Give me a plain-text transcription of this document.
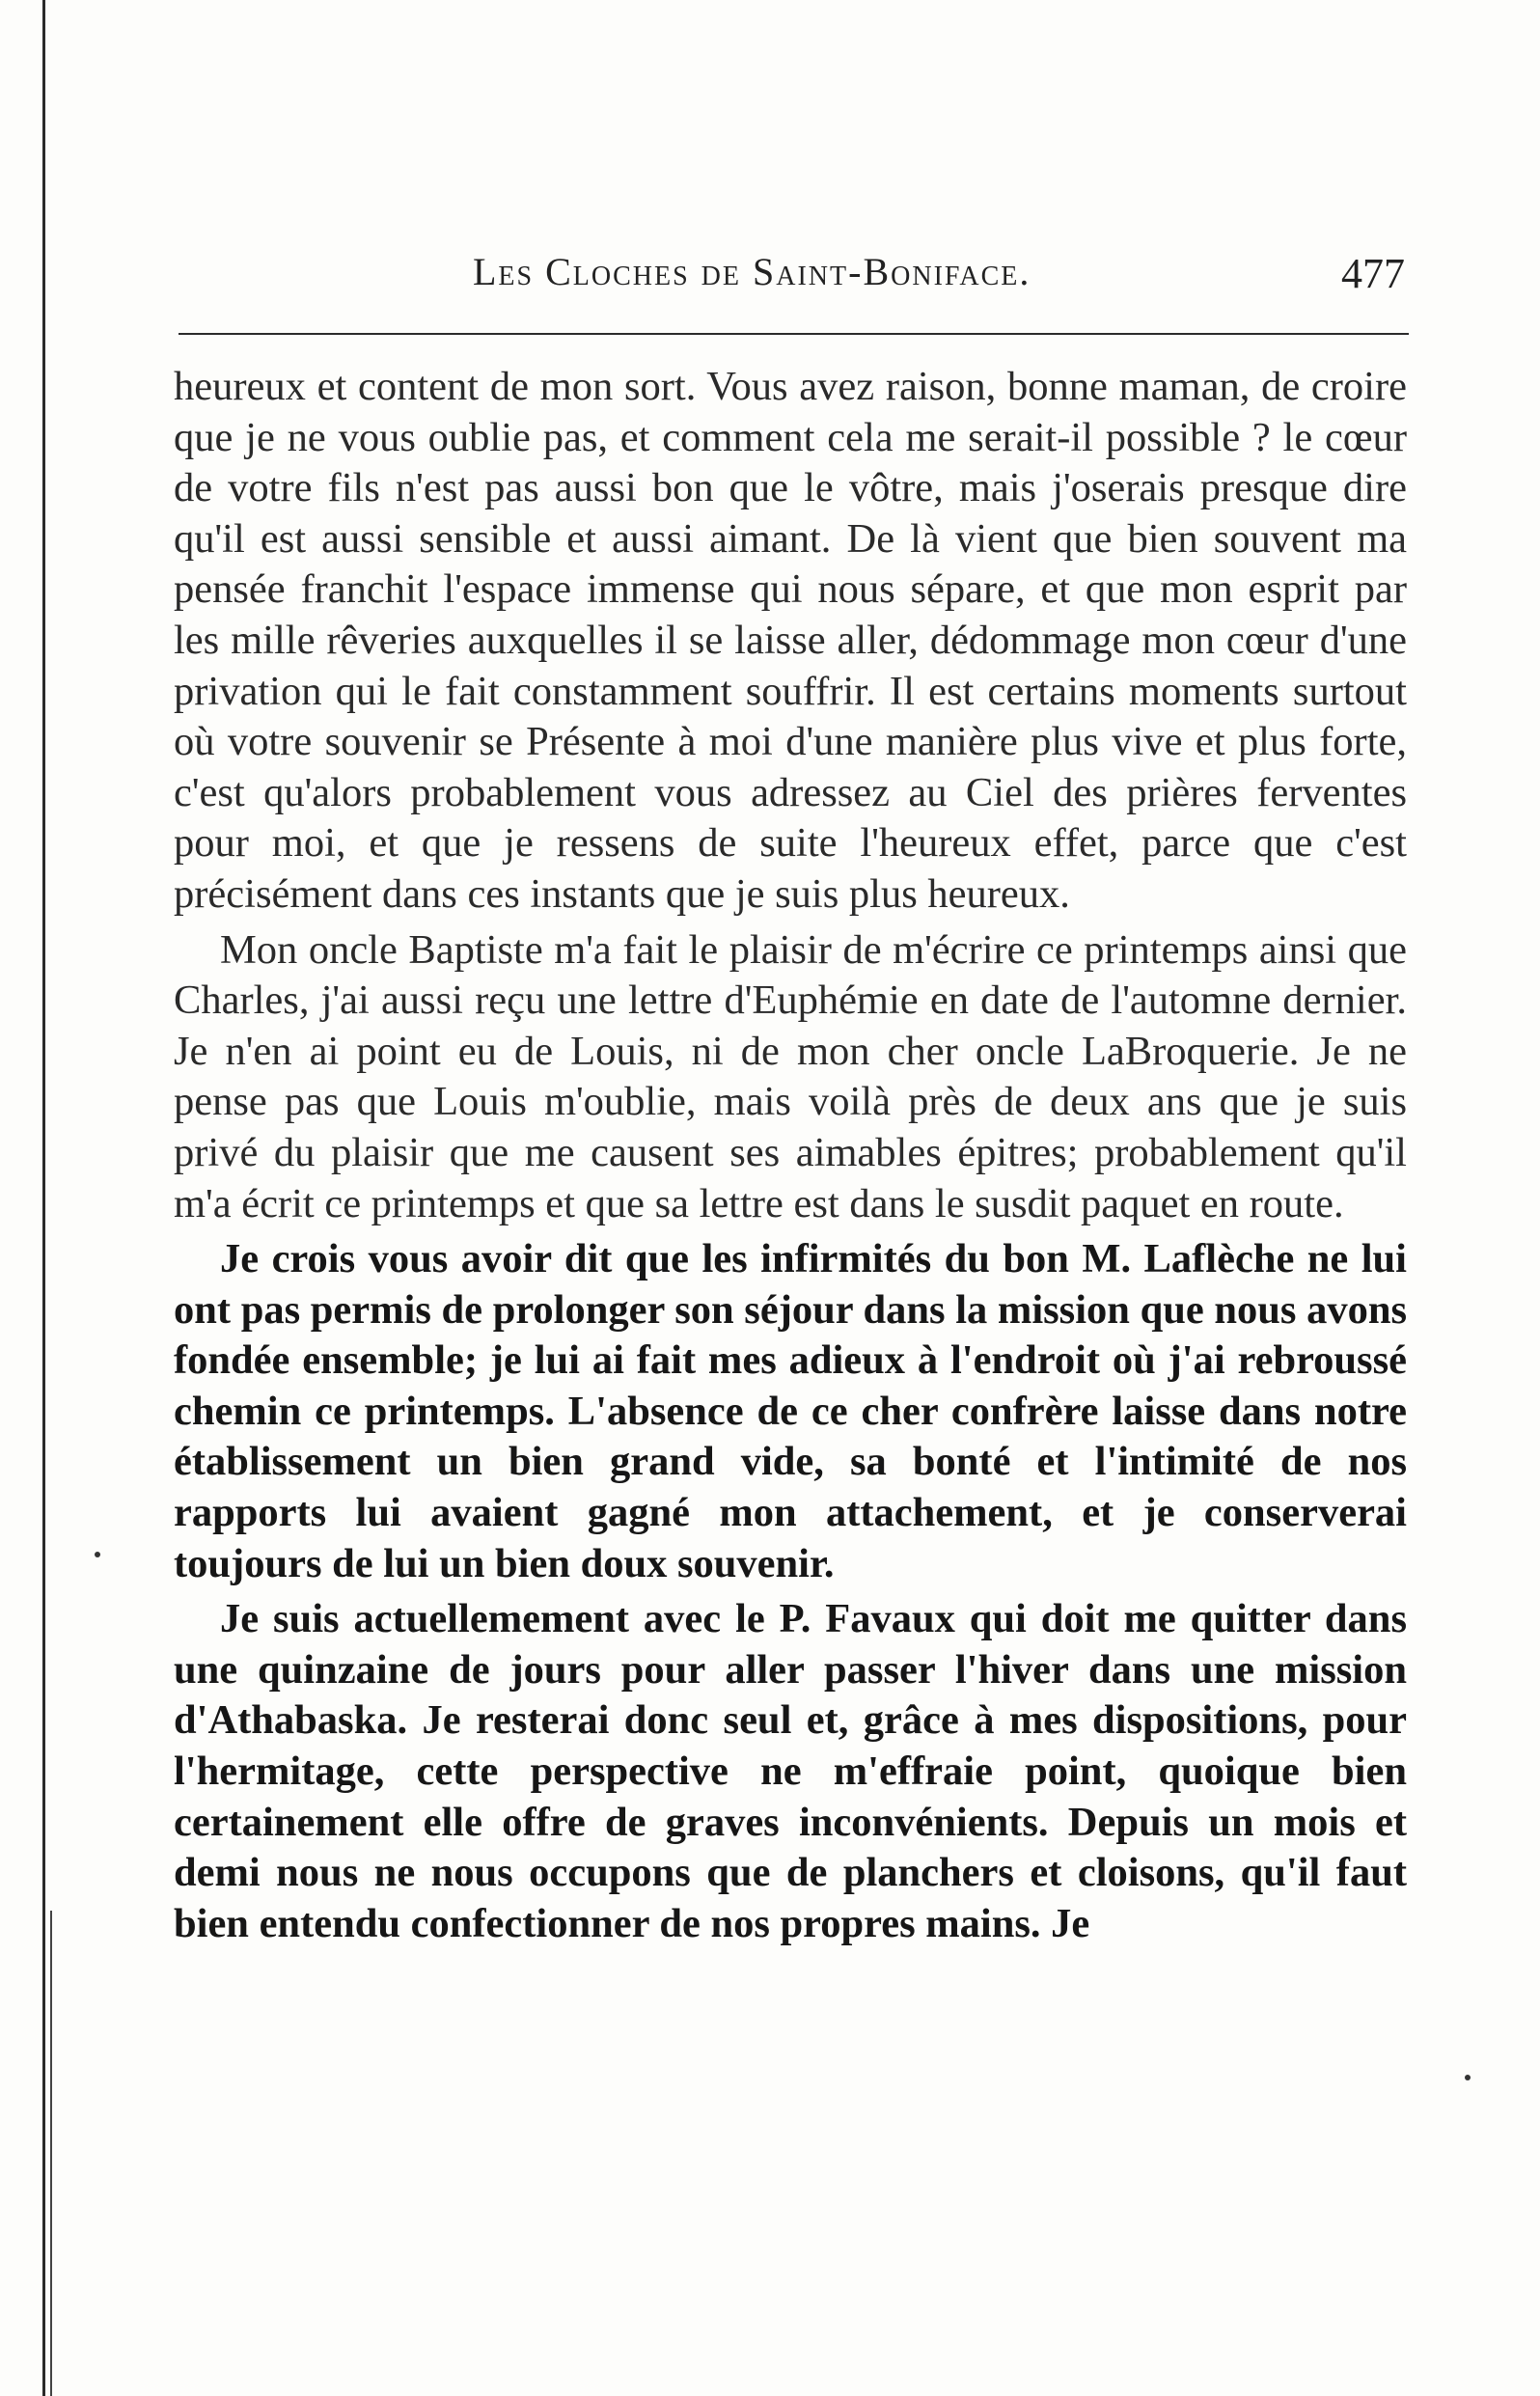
Les Cloches de Saint-Boniface.	477

heureux et content de mon sort. Vous avez raison, bonne maman, de croire que je ne vous oublie pas, et comment cela me serait-il possible ? le cœur de votre fils n'est pas aussi bon que le vôtre, mais j'oserais presque dire qu'il est aussi sensible et aussi aimant. De là vient que bien souvent ma pensée franchit l'espace immense qui nous sépare, et que mon esprit par les mille rêveries auxquelles il se laisse aller, dédommage mon cœur d'une privation qui le fait constamment souffrir. Il est certains moments surtout où votre souvenir se Présente à moi d'une manière plus vive et plus forte, c'est qu'alors probablement vous adressez au Ciel des prières ferventes pour moi, et que je ressens de suite l'heureux effet, parce que c'est précisément dans ces instants que je suis plus heureux.

Mon oncle Baptiste m'a fait le plaisir de m'écrire ce printemps ainsi que Charles, j'ai aussi reçu une lettre d'Euphémie en date de l'automne dernier. Je n'en ai point eu de Louis, ni de mon cher oncle LaBroquerie. Je ne pense pas que Louis m'oublie, mais voilà près de deux ans que je suis privé du plaisir que me causent ses aimables épitres; probablement qu'il m'a écrit ce printemps et que sa lettre est dans le susdit paquet en route.

Je crois vous avoir dit que les infirmités du bon M. Laflèche ne lui ont pas permis de prolonger son séjour dans la mission que nous avons fondée ensemble; je lui ai fait mes adieux à l'endroit où j'ai rebroussé chemin ce printemps. L'absence de ce cher confrère laisse dans notre établissement un bien grand vide, sa bonté et l'intimité de nos rapports lui avaient gagné mon attachement, et je conserverai toujours de lui un bien doux souvenir.

Je suis actuellemement avec le P. Favaux qui doit me quitter dans une quinzaine de jours pour aller passer l'hiver dans une mission d'Athabaska. Je resterai donc seul et, grâce à mes dispositions, pour l'hermitage, cette perspective ne m'effraie point, quoique bien certainement elle offre de graves inconvénients. Depuis un mois et demi nous ne nous occupons que de planchers et cloisons, qu'il faut bien entendu confectionner de nos propres mains. Je
